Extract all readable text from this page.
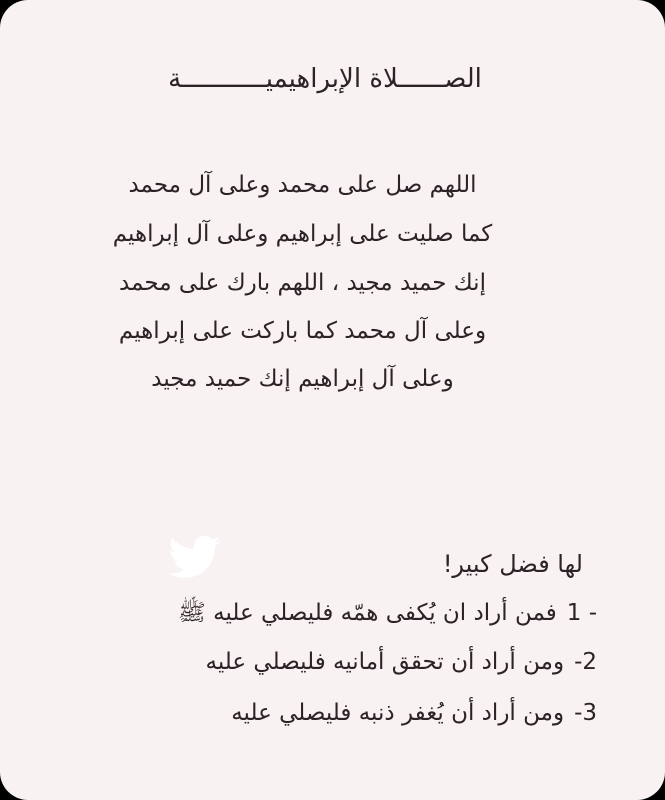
الصــــــلاة الإبراهيميـــــــــــة
اللهم صل على محمد وعلى آل محمد
كما صليت على إبراهيم وعلى آل إبراهيم
إنك حميد مجيد ، اللهم بارك على محمد
وعلى آل محمد كما باركت على إبراهيم
وعلى آل إبراهيم إنك حميد مجيد
لها فضل كبير!
1 -فمن أراد ان يُكفى همّه فليصلي عليه ﷺ
-2ومن أراد أن تحقق أمانيه فليصلي عليه
-3ومن أراد أن يُغفر ذنبه فليصلي عليه
